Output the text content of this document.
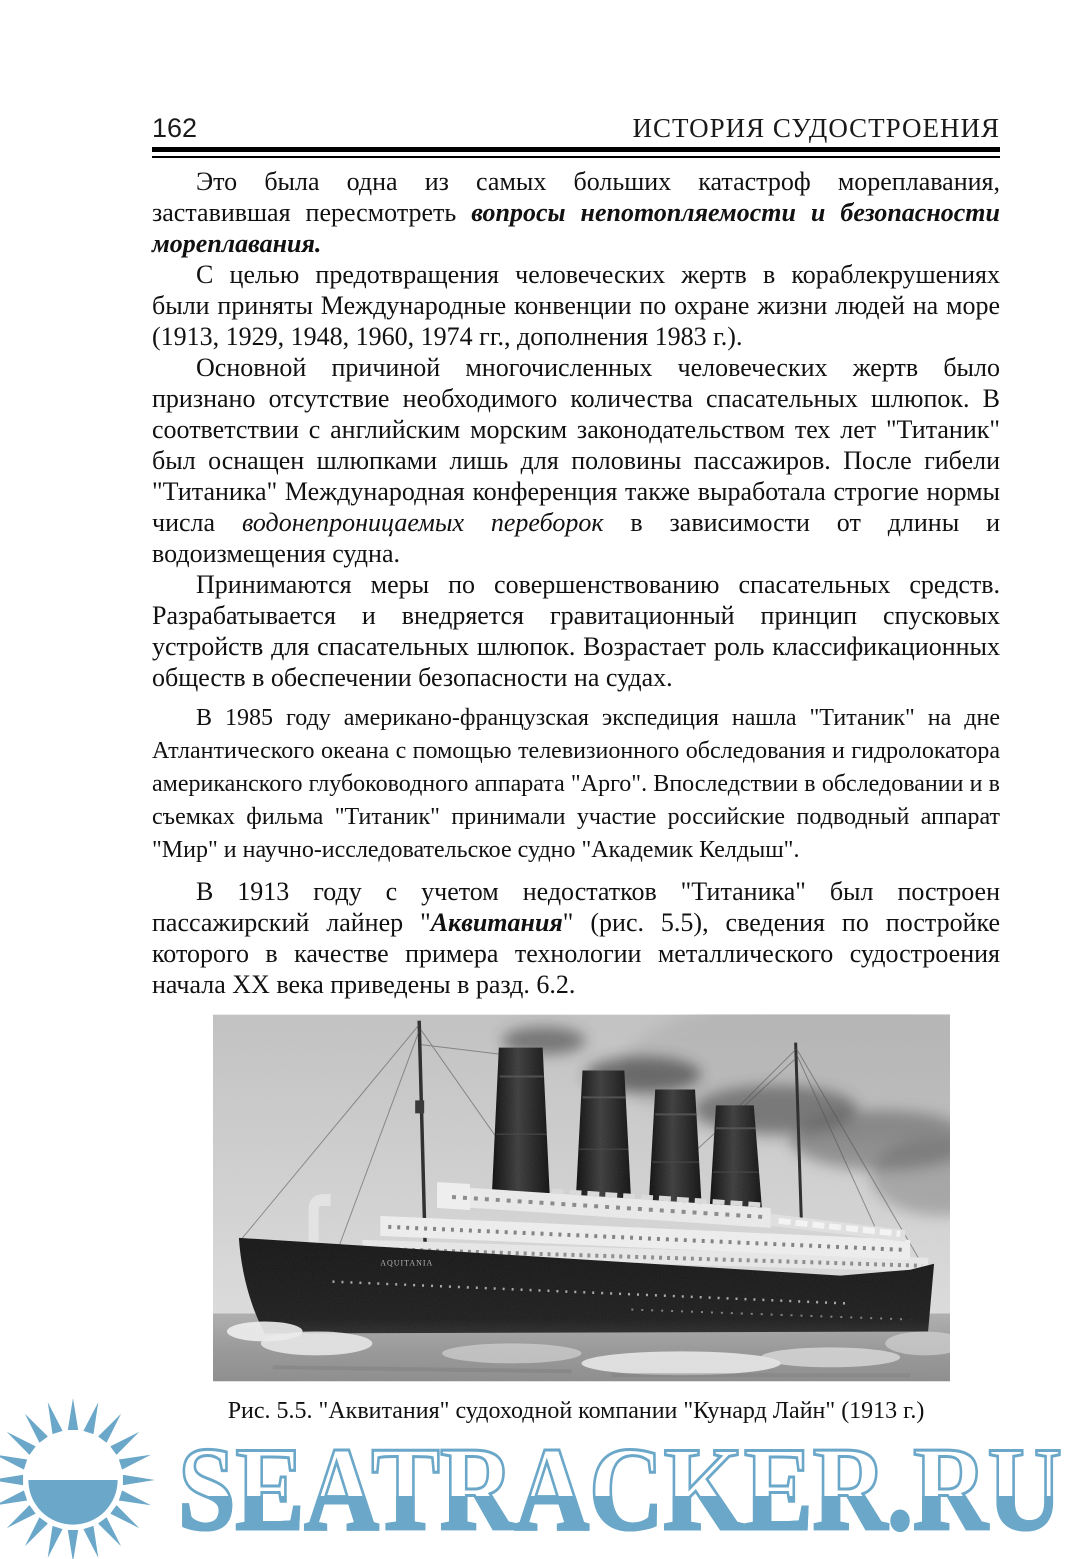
162	ИСТОРИЯ СУДОСТРОЕНИЯ

Это была одна из самых больших катастроф мореплавания, заставившая пересмотреть вопросы непотопляемости и безопасности мореплавания.

С целью предотвращения человеческих жертв в кораблекрушениях были приняты Международные конвенции по охране жизни людей на море (1913, 1929, 1948, 1960, 1974 гг., дополнения 1983 г.).

Основной причиной многочисленных человеческих жертв было признано отсутствие необходимого количества спасательных шлюпок. В соответствии с английским морским законодательством тех лет "Титаник" был оснащен шлюпками лишь для половины пассажиров. После гибели "Титаника" Международная конференция также выработала строгие нормы числа водонепроницаемых переборок в зависимости от длины и водоизмещения судна.

Принимаются меры по совершенствованию спасательных средств. Разрабатывается и внедряется гравитационный принцип спусковых устройств для спасательных шлюпок. Возрастает роль классификационных обществ в обеспечении безопасности на судах.

В 1985 году американо-французская экспедиция нашла "Титаник" на дне Атлантического океана с помощью телевизионного обследования и гидролокатора американского глубоководного аппарата "Арго". Впоследствии в обследовании и в съемках фильма "Титаник" принимали участие российские подводный аппарат "Мир" и научно-исследовательское судно "Академик Келдыш".

В 1913 году с учетом недостатков "Титаника" был построен пассажирский лайнер "Аквитания" (рис. 5.5), сведения по постройке которого в качестве примера технологии металлического судостроения начала XX века приведены в разд. 6.2.

Рис. 5.5. "Аквитания" судоходной компании "Кунард Лайн" (1913 г.)
SEATRACKER.RU
